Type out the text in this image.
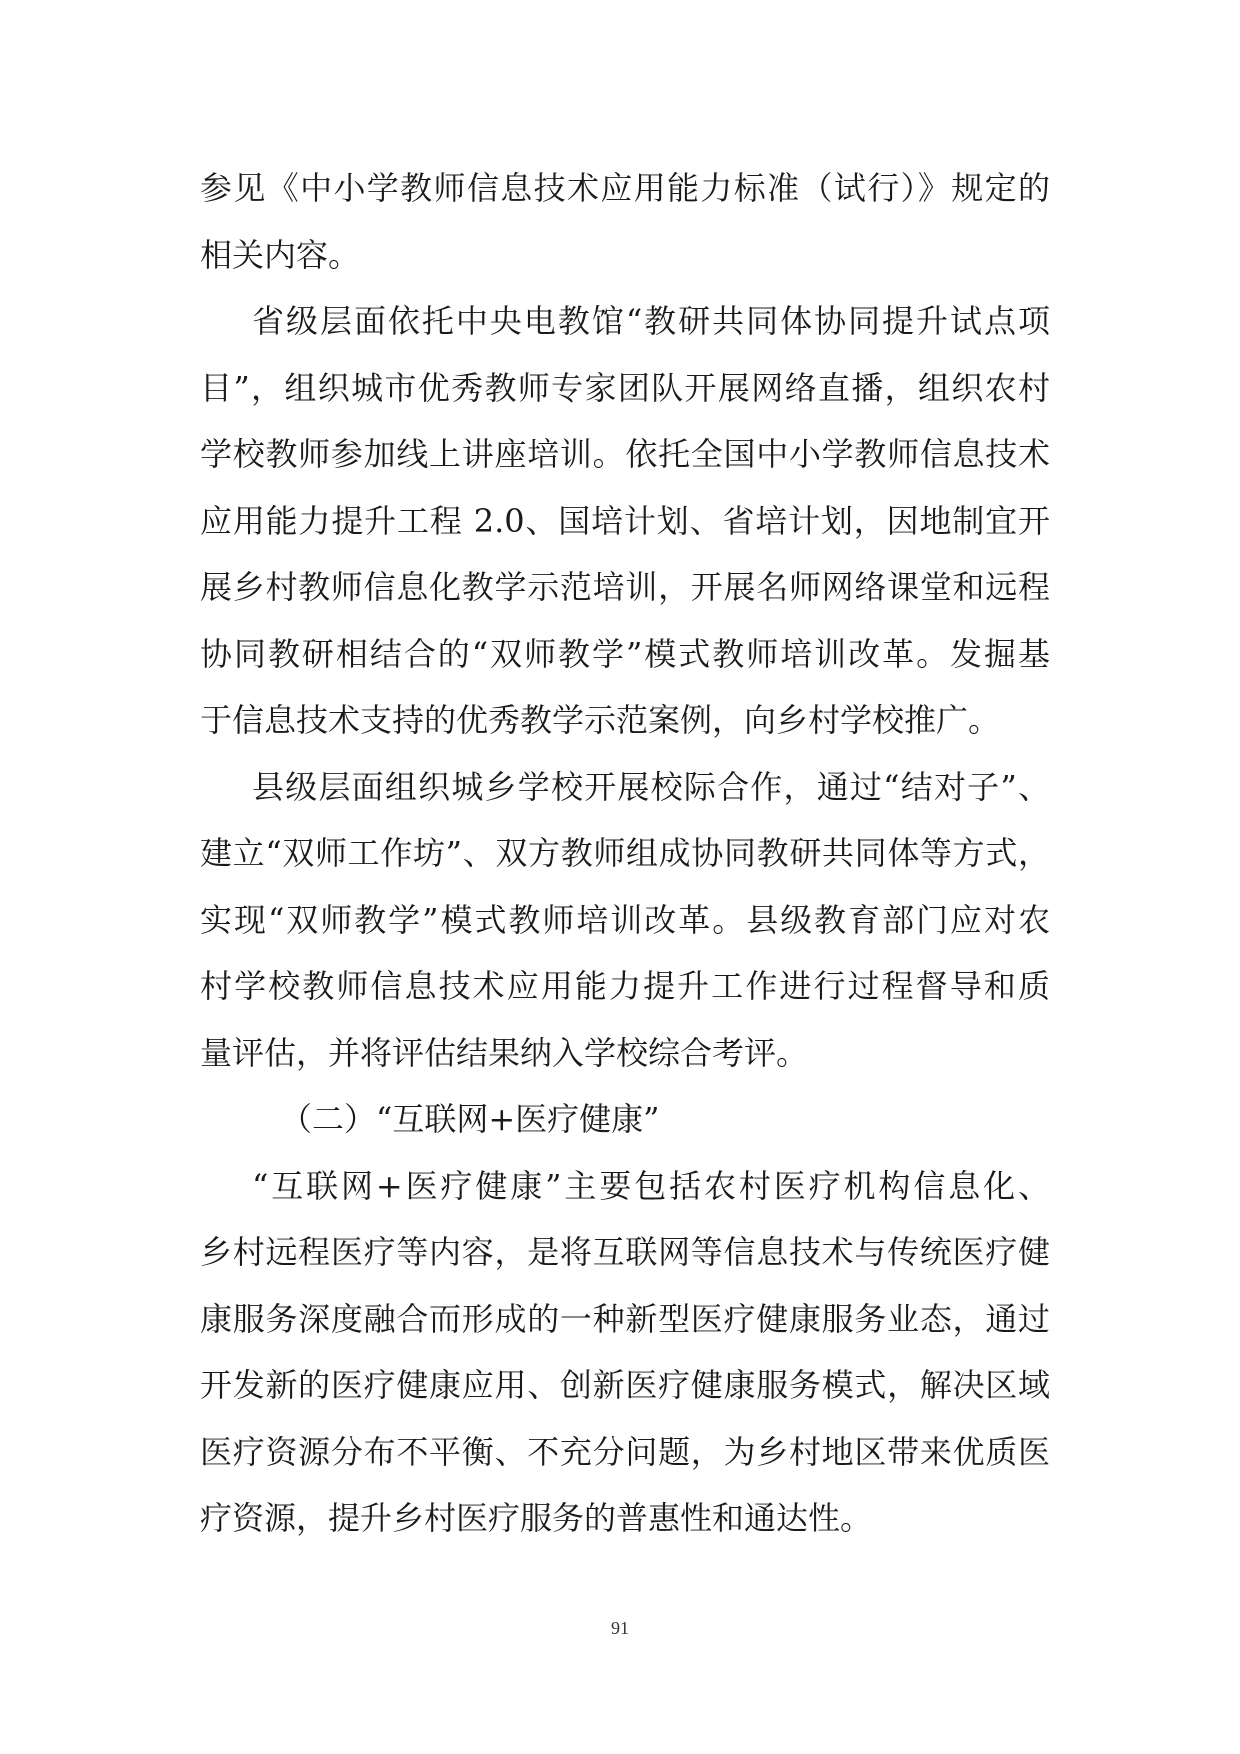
参见《中小学教师信息技术应用能力标准（试行）》规定的
相关内容。
省级层面依托中央电教馆“教研共同体协同提升试点项
目”，组织城市优秀教师专家团队开展网络直播，组织农村
学校教师参加线上讲座培训。依托全国中小学教师信息技术
应用能力提升工程 2.0、国培计划、省培计划，因地制宜开
展乡村教师信息化教学示范培训，开展名师网络课堂和远程
协同教研相结合的“双师教学”模式教师培训改革。发掘基
于信息技术支持的优秀教学示范案例，向乡村学校推广。
县级层面组织城乡学校开展校际合作，通过“结对子”、
建立“双师工作坊”、双方教师组成协同教研共同体等方式，
实现“双师教学”模式教师培训改革。县级教育部门应对农
村学校教师信息技术应用能力提升工作进行过程督导和质
量评估，并将评估结果纳入学校综合考评。
（二）“互联网+医疗健康”
“互联网+医疗健康”主要包括农村医疗机构信息化、
乡村远程医疗等内容，是将互联网等信息技术与传统医疗健
康服务深度融合而形成的一种新型医疗健康服务业态，通过
开发新的医疗健康应用、创新医疗健康服务模式，解决区域
医疗资源分布不平衡、不充分问题，为乡村地区带来优质医
疗资源，提升乡村医疗服务的普惠性和通达性。
91
